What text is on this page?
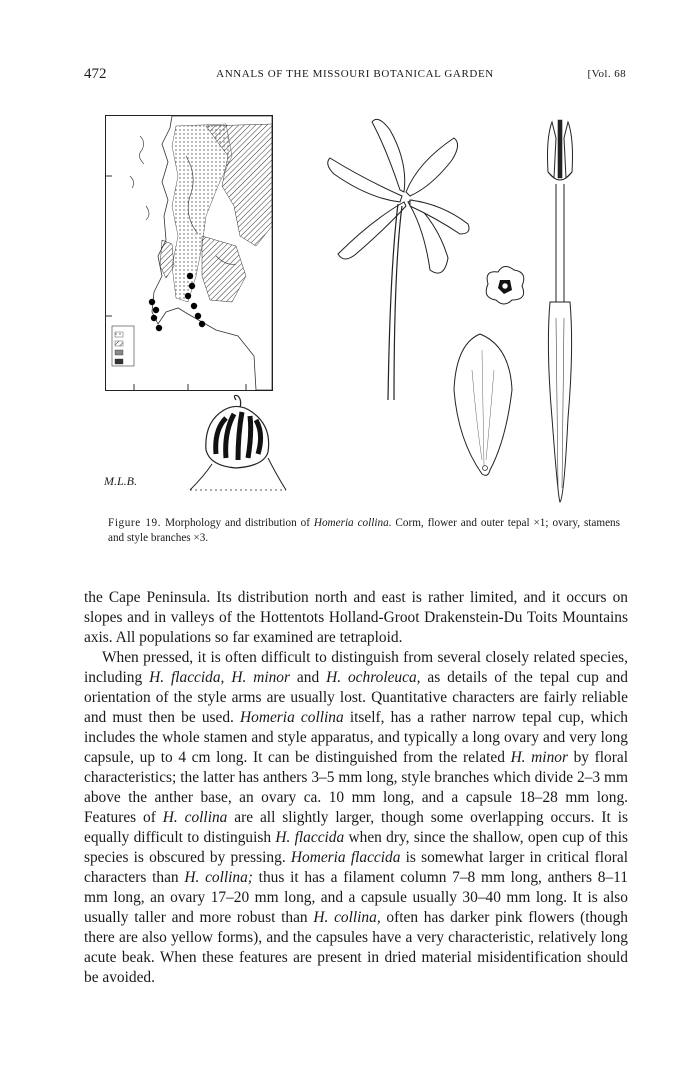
472	ANNALS OF THE MISSOURI BOTANICAL GARDEN	[Vol. 68
M.L.B.
Figure 19. Morphology and distribution of Homeria collina. Corm, flower and outer tepal ×1; ovary, stamens and style branches ×3.

the Cape Peninsula. Its distribution north and east is rather limited, and it occurs on slopes and in valleys of the Hottentots Holland-Groot Drakenstein-Du Toits Mountains axis. All populations so far examined are tetraploid.

When pressed, it is often difficult to distinguish from several closely related species, including H. flaccida, H. minor and H. ochroleuca, as details of the tepal cup and orientation of the style arms are usually lost. Quantitative characters are fairly reliable and must then be used. Homeria collina itself, has a rather narrow tepal cup, which includes the whole stamen and style apparatus, and typically a long ovary and very long capsule, up to 4 cm long. It can be distinguished from the related H. minor by floral characteristics; the latter has anthers 3–5 mm long, style branches which divide 2–3 mm above the anther base, an ovary ca. 10 mm long, and a capsule 18–28 mm long. Features of H. collina are all slightly larger, though some overlapping occurs. It is equally difficult to distinguish H. flaccida when dry, since the shallow, open cup of this species is obscured by pressing. Homeria flaccida is somewhat larger in critical floral characters than H. collina; thus it has a filament column 7–8 mm long, anthers 8–11 mm long, an ovary 17–20 mm long, and a capsule usually 30–40 mm long. It is also usually taller and more robust than H. collina, often has darker pink flowers (though there are also yellow forms), and the capsules have a very characteristic, relatively long acute beak. When these features are present in dried material misidentification should be avoided.
